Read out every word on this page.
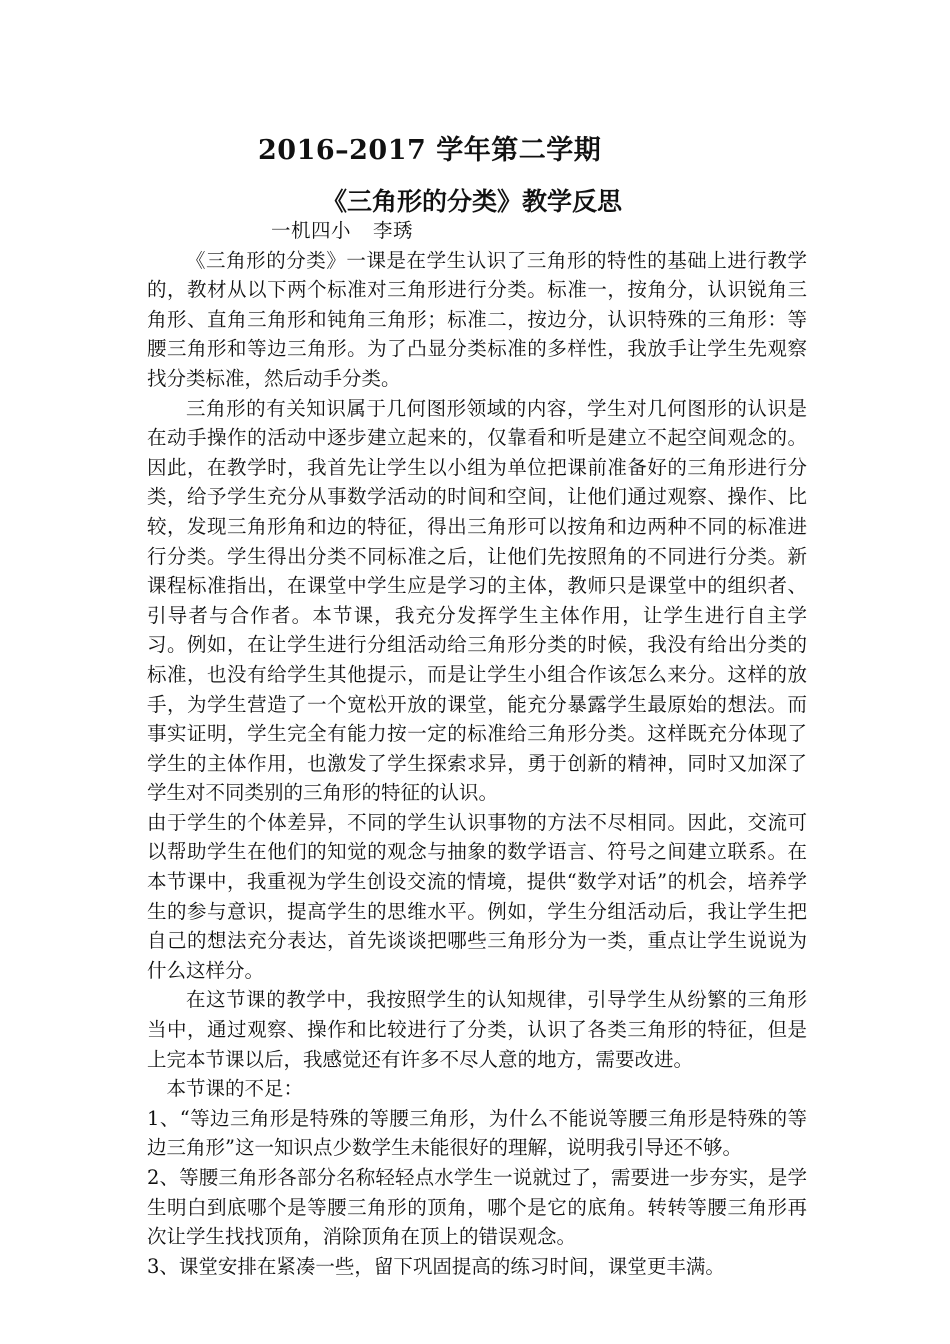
2016–2017 学年第二学期
《三角形的分类》教学反思

一机四小 李琇

《三角形的分类》一课是在学生认识了三角形的特性的基础上进行教学的，教材从以下两个标准对三角形进行分类。标准一，按角分，认识锐角三角形、直角三角形和钝角三角形；标准二，按边分，认识特殊的三角形：等腰三角形和等边三角形。为了凸显分类标准的多样性，我放手让学生先观察找分类标准，然后动手分类。

三角形的有关知识属于几何图形领域的内容，学生对几何图形的认识是在动手操作的活动中逐步建立起来的，仅靠看和听是建立不起空间观念的。因此，在教学时，我首先让学生以小组为单位把课前准备好的三角形进行分类，给予学生充分从事数学活动的时间和空间，让他们通过观察、操作、比较，发现三角形角和边的特征，得出三角形可以按角和边两种不同的标准进行分类。学生得出分类不同标准之后，让他们先按照角的不同进行分类。新课程标准指出，在课堂中学生应是学习的主体，教师只是课堂中的组织者、引导者与合作者。本节课，我充分发挥学生主体作用，让学生进行自主学习。例如，在让学生进行分组活动给三角形分类的时候，我没有给出分类的标准，也没有给学生其他提示，而是让学生小组合作该怎么来分。这样的放手，为学生营造了一个宽松开放的课堂，能充分暴露学生最原始的想法。而事实证明，学生完全有能力按一定的标准给三角形分类。这样既充分体现了学生的主体作用，也激发了学生探索求异，勇于创新的精神，同时又加深了学生对不同类别的三角形的特征的认识。

由于学生的个体差异，不同的学生认识事物的方法不尽相同。因此，交流可以帮助学生在他们的知觉的观念与抽象的数学语言、符号之间建立联系。在本节课中，我重视为学生创设交流的情境，提供“数学对话”的机会，培养学生的参与意识，提高学生的思维水平。例如，学生分组活动后，我让学生把自己的想法充分表达，首先谈谈把哪些三角形分为一类，重点让学生说说为什么这样分。

在这节课的教学中，我按照学生的认知规律，引导学生从纷繁的三角形当中，通过观察、操作和比较进行了分类，认识了各类三角形的特征，但是上完本节课以后，我感觉还有许多不尽人意的地方，需要改进。

本节课的不足：

1、“等边三角形是特殊的等腰三角形，为什么不能说等腰三角形是特殊的等边三角形”这一知识点少数学生未能很好的理解，说明我引导还不够。

2、等腰三角形各部分名称轻轻点水学生一说就过了，需要进一步夯实，是学生明白到底哪个是等腰三角形的顶角，哪个是它的底角。转转等腰三角形再次让学生找找顶角，消除顶角在顶上的错误观念。

3、课堂安排在紧凑一些，留下巩固提高的练习时间，课堂更丰满。
